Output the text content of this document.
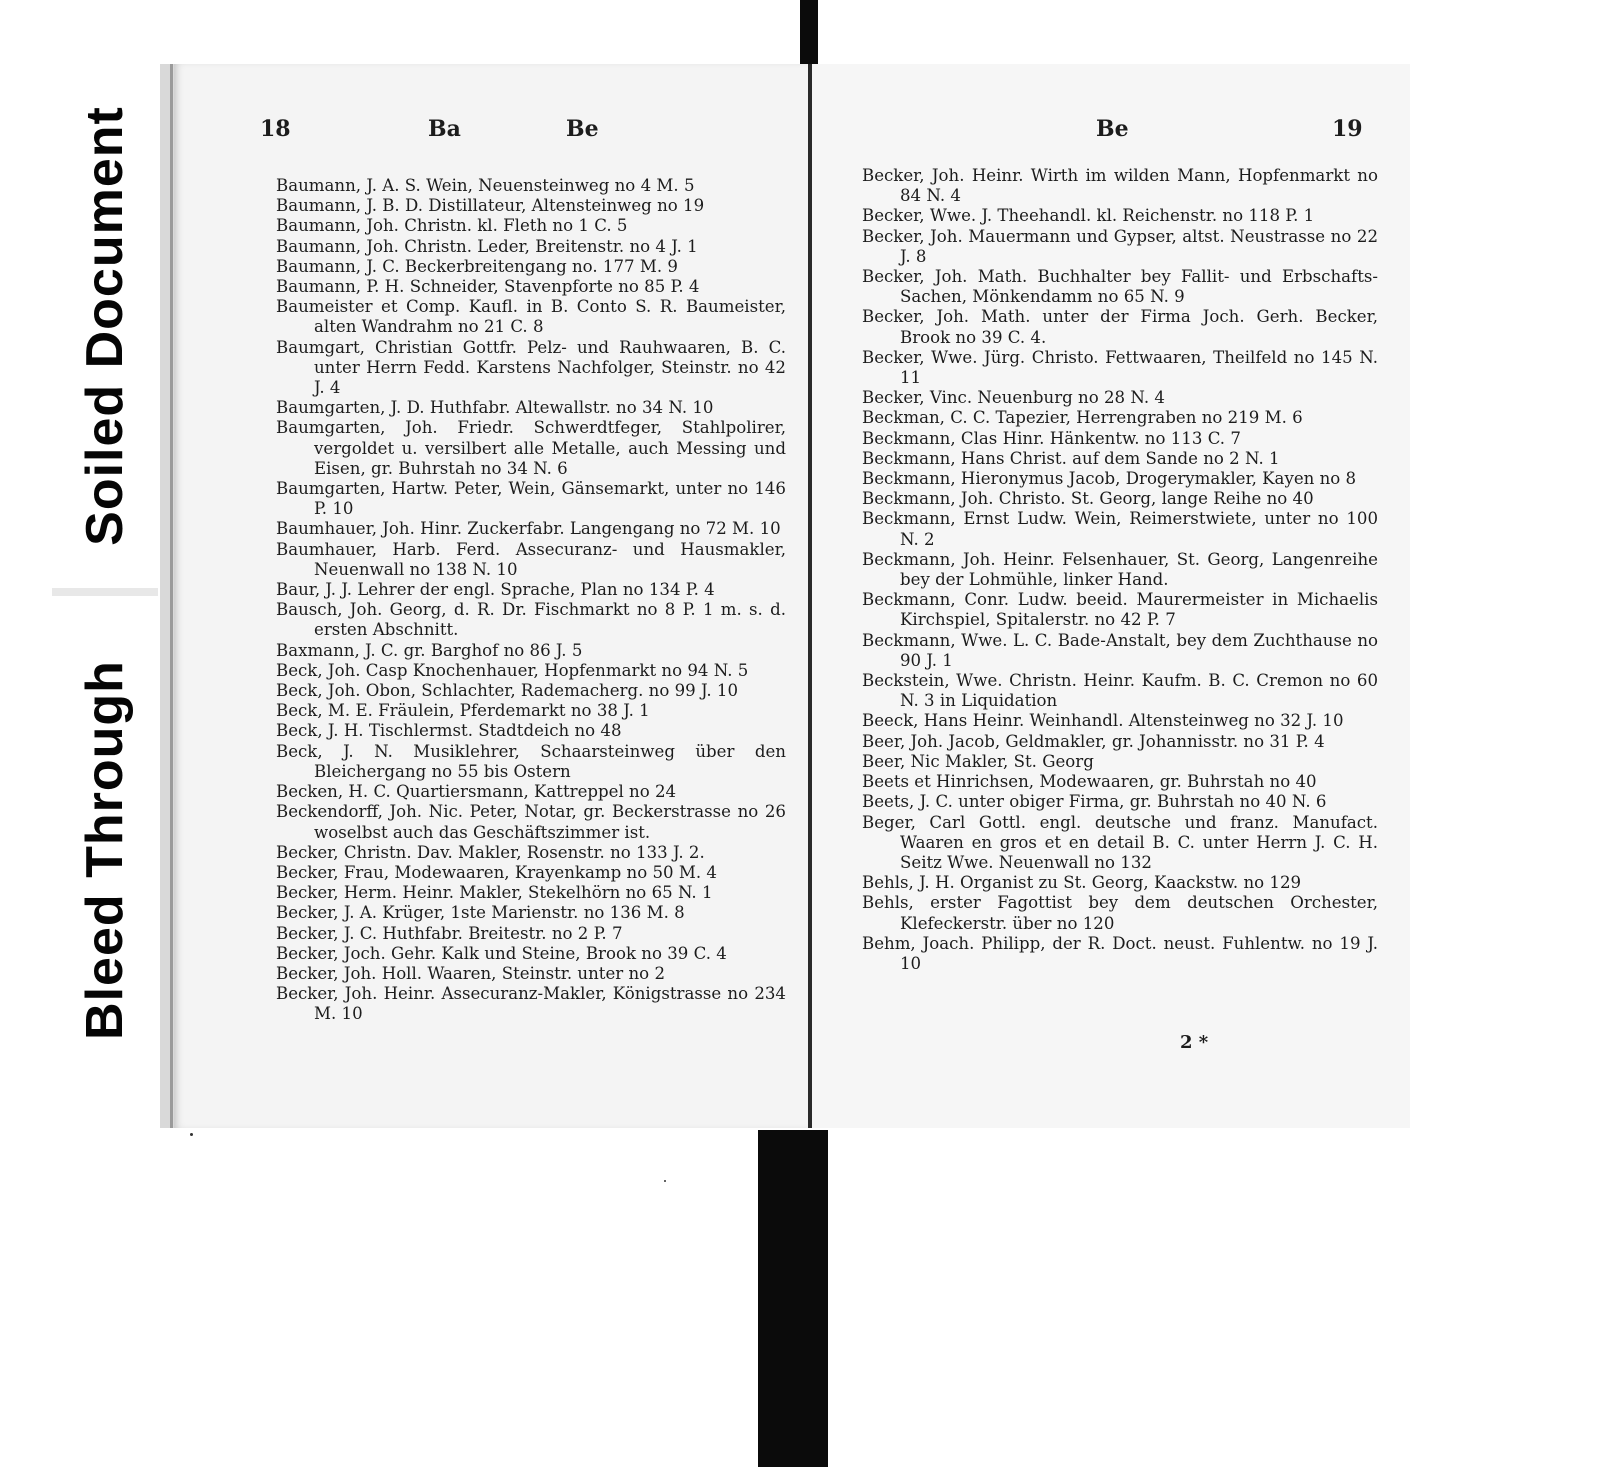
Soiled Document
Bleed Through
18	Ba	Be

Baumann, J. A. S. Wein, Neuensteinweg no 4 M. 5

Baumann, J. B. D. Distillateur, Altensteinweg no 19

Baumann, Joh. Christn. kl. Fleth no 1 C. 5

Baumann, Joh. Christn. Leder, Breitenstr. no 4 J. 1

Baumann, J. C. Beckerbreitengang no. 177 M. 9

Baumann, P. H. Schneider, Stavenpforte no 85 P. 4

Baumeister et Comp. Kaufl. in B. Conto S. R. Baumeister, alten Wandrahm no 21 C. 8

Baumgart, Christian Gottfr. Pelz- und Rauhwaaren, B. C. unter Herrn Fedd. Karstens Nachfolger, Steinstr. no 42 J. 4

Baumgarten, J. D. Huthfabr. Altewallstr. no 34 N. 10

Baumgarten, Joh. Friedr. Schwerdtfeger, Stahlpolirer, vergoldet u. versilbert alle Metalle, auch Messing und Eisen, gr. Buhrstah no 34 N. 6

Baumgarten, Hartw. Peter, Wein, Gänsemarkt, unter no 146 P. 10

Baumhauer, Joh. Hinr. Zuckerfabr. Langengang no 72 M. 10

Baumhauer, Harb. Ferd. Assecuranz- und Hausmakler, Neuenwall no 138 N. 10

Baur, J. J. Lehrer der engl. Sprache, Plan no 134 P. 4

Bausch, Joh. Georg, d. R. Dr. Fischmarkt no 8 P. 1 m. s. d. ersten Abschnitt.

Baxmann, J. C. gr. Barghof no 86 J. 5

Beck, Joh. Casp Knochenhauer, Hopfenmarkt no 94 N. 5

Beck, Joh. Obon, Schlachter, Rademacherg. no 99 J. 10

Beck, M. E. Fräulein, Pferdemarkt no 38 J. 1

Beck, J. H. Tischlermst. Stadtdeich no 48

Beck, J. N. Musiklehrer, Schaarsteinweg über den Bleichergang no 55 bis Ostern

Becken, H. C. Quartiersmann, Kattreppel no 24

Beckendorff, Joh. Nic. Peter, Notar, gr. Beckerstrasse no 26 woselbst auch das Geschäftszimmer ist.

Becker, Christn. Dav. Makler, Rosenstr. no 133 J. 2.

Becker, Frau, Modewaaren, Krayenkamp no 50 M. 4

Becker, Herm. Heinr. Makler, Stekelhörn no 65 N. 1

Becker, J. A. Krüger, 1ste Marienstr. no 136 M. 8

Becker, J. C. Huthfabr. Breitestr. no 2 P. 7

Becker, Joch. Gehr. Kalk und Steine, Brook no 39 C. 4

Becker, Joh. Holl. Waaren, Steinstr. unter no 2

Becker, Joh. Heinr. Assecuranz-Makler, Königstrasse no 234 M. 10

Be	19

Becker, Joh. Heinr. Wirth im wilden Mann, Hopfenmarkt no 84 N. 4

Becker, Wwe. J. Theehandl. kl. Reichenstr. no 118 P. 1

Becker, Joh. Mauermann und Gypser, altst. Neustrasse no 22 J. 8

Becker, Joh. Math. Buchhalter bey Fallit- und Erbschafts-Sachen, Mönkendamm no 65 N. 9

Becker, Joh. Math. unter der Firma Joch. Gerh. Becker, Brook no 39 C. 4.

Becker, Wwe. Jürg. Christo. Fettwaaren, Theilfeld no 145 N. 11

Becker, Vinc. Neuenburg no 28 N. 4

Beckman, C. C. Tapezier, Herrengraben no 219 M. 6

Beckmann, Clas Hinr. Hänkentw. no 113 C. 7

Beckmann, Hans Christ. auf dem Sande no 2 N. 1

Beckmann, Hieronymus Jacob, Drogerymakler, Kayen no 8

Beckmann, Joh. Christo. St. Georg, lange Reihe no 40

Beckmann, Ernst Ludw. Wein, Reimerstwiete, unter no 100 N. 2

Beckmann, Joh. Heinr. Felsenhauer, St. Georg, Langenreihe bey der Lohmühle, linker Hand.

Beckmann, Conr. Ludw. beeid. Maurermeister in Michaelis Kirchspiel, Spitalerstr. no 42 P. 7

Beckmann, Wwe. L. C. Bade-Anstalt, bey dem Zuchthause no 90 J. 1

Beckstein, Wwe. Christn. Heinr. Kaufm. B. C. Cremon no 60 N. 3 in Liquidation

Beeck, Hans Heinr. Weinhandl. Altensteinweg no 32 J. 10

Beer, Joh. Jacob, Geldmakler, gr. Johannisstr. no 31 P. 4

Beer, Nic Makler, St. Georg

Beets et Hinrichsen, Modewaaren, gr. Buhrstah no 40

Beets, J. C. unter obiger Firma, gr. Buhrstah no 40 N. 6

Beger, Carl Gottl. engl. deutsche und franz. Manufact. Waaren en gros et en detail B. C. unter Herrn J. C. H. Seitz Wwe. Neuenwall no 132

Behls, J. H. Organist zu St. Georg, Kaackstw. no 129

Behls, erster Fagottist bey dem deutschen Orchester, Klefeckerstr. über no 120

Behm, Joach. Philipp, der R. Doct. neust. Fuhlentw. no 19 J. 10

2 *
